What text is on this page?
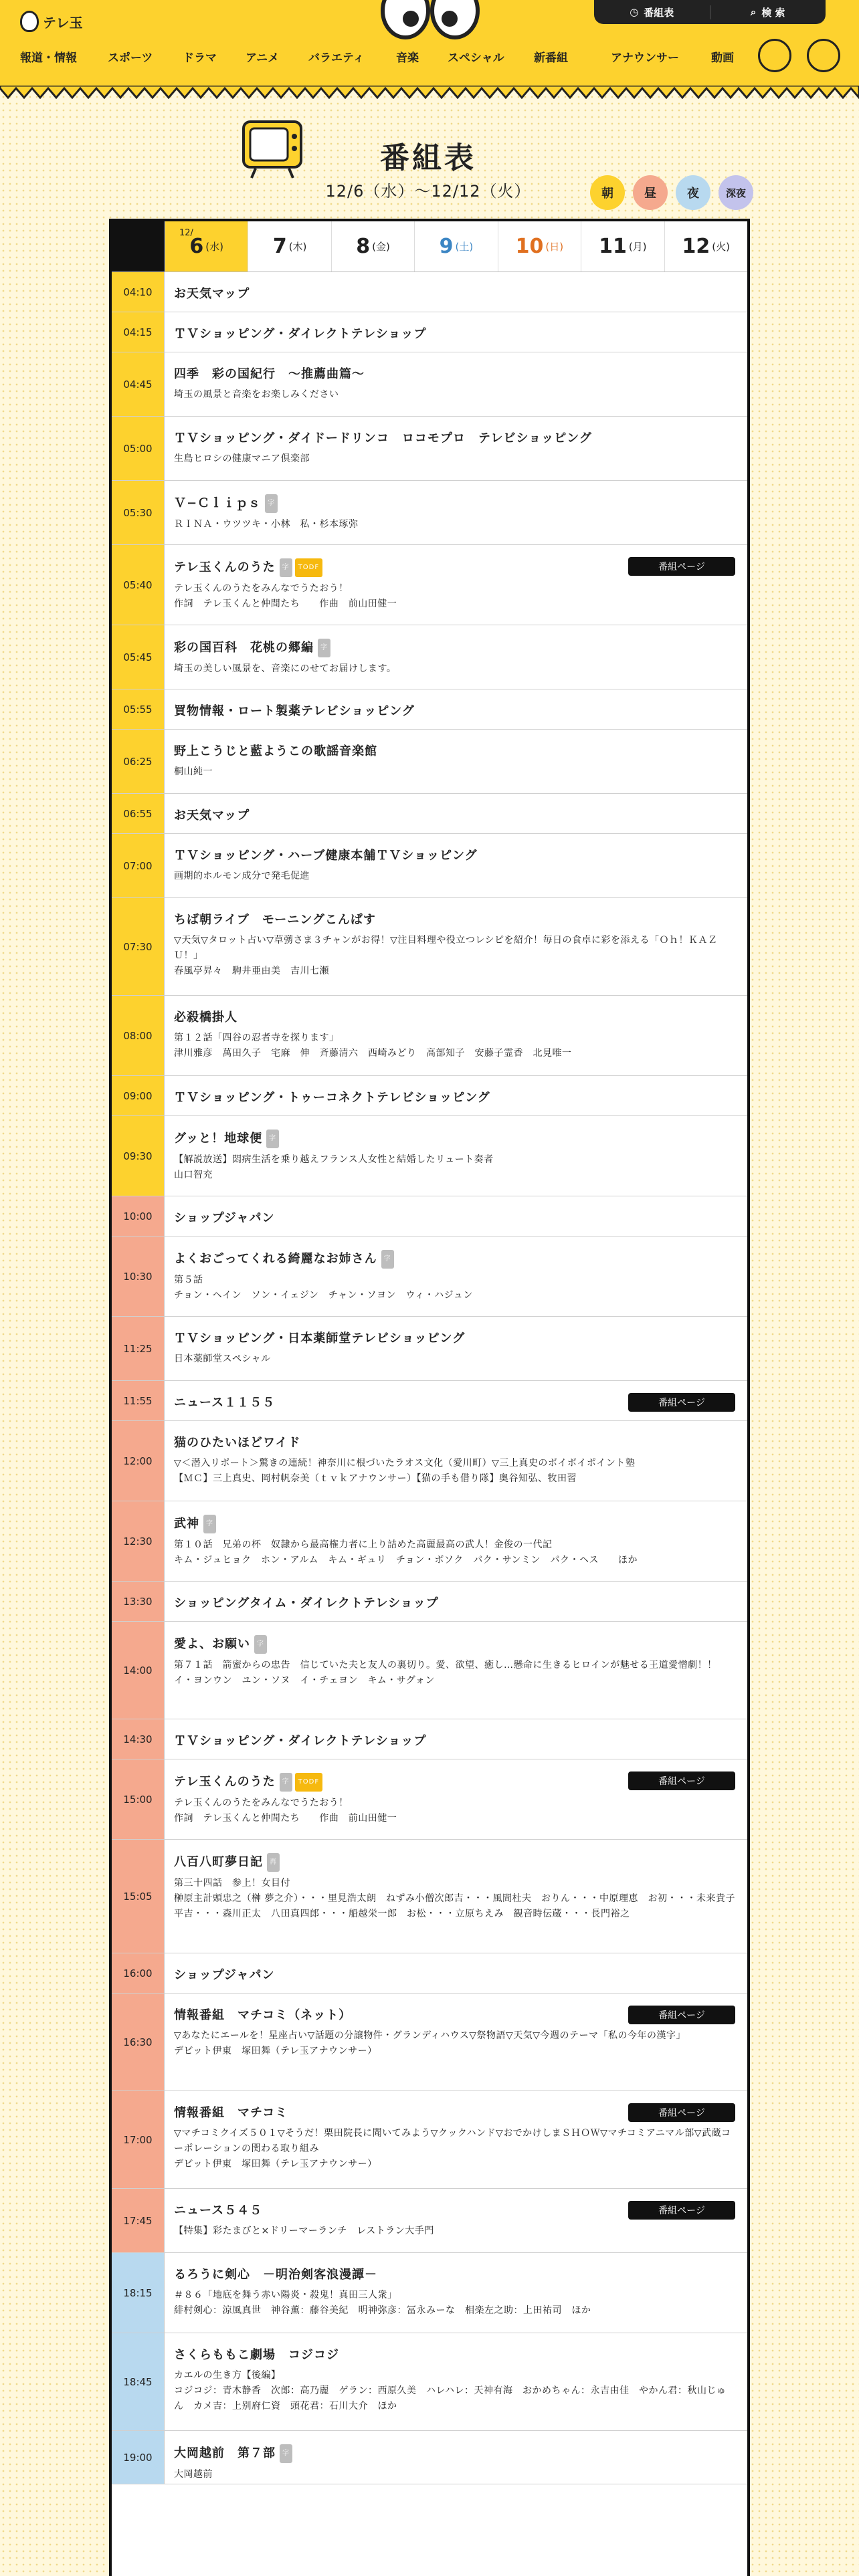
テレ玉
◷ 番組表	⌕ 検 索
報道・情報	スポーツ	ドラマ	アニメ	バラエティ	音楽	スペシャル	新番組	アナウンサー	動画
番組表
12/6（水）〜12/12（火）	朝	昼	夜	深夜
12/
6 (水) 7 (木) 8 (金) 9 (土) 10 (日) 11 (月) 12 (火)
04:10	お天気マップ
04:15	ＴＶショッピング・ダイレクトテレショップ
04:45
四季　彩の国紀行　〜推薦曲篇〜
埼玉の風景と音楽をお楽しみください
05:00
ＴＶショッピング・ダイドードリンコ　ロコモプロ　テレビショッピング
生島ヒロシの健康マニア倶楽部
05:30
Ｖ−Ｃｌｉｐｓ 字
ＲＩＮＡ・ウツツキ・小林　私・杉本琢弥
05:40
テレ玉くんのうた 字 TODF
テレ玉くんのうたをみんなでうたおう！
作詞　テレ玉くんと仲間たち　　作曲　前山田健一
番組ページ
05:45
彩の国百科　花桃の郷編 字
埼玉の美しい風景を、音楽にのせてお届けします。
05:55	買物情報・ロート製薬テレビショッピング
06:25
野上こうじと藍ようこの歌謡音楽館
桐山純一
06:55	お天気マップ
07:00
ＴＶショッピング・ハーブ健康本舗ＴＶショッピング
画期的ホルモン成分で発毛促進
07:30
ちば朝ライブ　モーニングこんぱす
▽天気▽タロット占い▽草彅さま３チャンがお得！▽注目料理や役立つレシピを紹介！毎日の食卓に彩を添える「Ｏｈ！ＫＡＺＵ！」
春風亭昇々　駒井亜由美　吉川七瀬
08:00
必殺橋掛人
第１２話「四谷の忍者寺を探ります」
津川雅彦　萬田久子　宅麻　伸　斉藤清六　西崎みどり　高部知子　安藤子霊香　北見唯一
09:00	ＴＶショッピング・トゥーコネクトテレビショッピング
09:30
グッと！地球便 字
【解説放送】悶病生活を乗り越えフランス人女性と結婚したリュート奏者
山口智充
10:00	ショップジャパン
10:30
よくおごってくれる綺麗なお姉さん 字
第５話
チョン・ヘイン　ソン・イェジン　チャン・ソヨン　ウィ・ハジュン
11:25
ＴＶショッピング・日本薬師堂テレビショッピング
日本薬師堂スペシャル
11:55	ニュース１１５５	番組ページ
12:00
猫のひたいほどワイド
▽＜潜入リポート＞驚きの連続！神奈川に根づいたラオス文化（愛川町）▽三上真史のボイボイポイント塾
【ＭＣ】三上真史、岡村帆奈美（ｔｖｋアナウンサー）【猫の手も借り隊】奥谷知弘、牧田習
12:30
武神 字
第１０話　兄弟の杯　奴隷から最高権力者に上り詰めた高麗最高の武人！金俊の一代記
キム・ジュヒョク　ホン・アルム　キム・ギュリ　チョン・ボソク　パク・サンミン　パク・ヘス　　ほか
13:30	ショッピングタイム・ダイレクトテレショップ
14:00
愛よ、お願い 字
第７１話　箭蜜からの忠告　信じていた夫と友人の裏切り。愛、欲望、癒し…懸命に生きるヒロインが魅せる王道愛憎劇！！
イ・ヨンウン　ユン・ソヌ　イ・チェヨン　キム・サグォン
14:30	ＴＶショッピング・ダイレクトテレショップ
15:00
テレ玉くんのうた 字 TODF
テレ玉くんのうたをみんなでうたおう！
作詞　テレ玉くんと仲間たち　　作曲　前山田健一
番組ページ
15:05
八百八町夢日記 再
第三十四話　参上！女目付
榊原主計頭忠之（榊 夢之介）・・・里見浩太朗　ねずみ小僧次郎吉・・・風間杜夫　おりん・・・中原理恵　お初・・・未来貴子　平吉・・・森川正太　八田真四郎・・・船越栄一郎　お松・・・立原ちえみ　観音時伝蔵・・・長門裕之
16:00	ショップジャパン
16:30
情報番組　マチコミ（ネット）
▽あなたにエールを！星座占い▽話題の分譲物件・グランディハウス▽祭物語▽天気▽今週のテーマ「私の今年の漢字」
デビット伊東　塚田舞（テレ玉アナウンサー）
番組ページ
17:00
情報番組　マチコミ
▽マチコミクイズ５０１▽そうだ！栗田院長に聞いてみよう▽クックハンド▽おでかけしまＳＨＯＷ▽マチコミアニマル部▽武蔵コーポレーションの関わる取り組み
デビット伊東　塚田舞（テレ玉アナウンサー）
番組ページ
17:45
ニュース５４５
【特集】彩たまびと×ドリーマーランチ　レストラン大手門
番組ページ
18:15
るろうに剣心　－明治剣客浪漫譚－
＃８６「地底を舞う赤い陽炎・殺鬼！真田三人衆」
緋村剣心：涼風真世　神谷薫：藤谷美紀　明神弥彦：冨永みーな　相楽左之助：上田祐司　ほか
18:45
さくらももこ劇場　コジコジ
カエルの生き方【後編】
コジコジ：青木静香　次郎：高乃麗　ゲラン：西原久美　ハレハレ：天神有海　おかめちゃん：永吉由佳　やかん君：秋山じゅん　カメ吉：上别府仁資　頭花君：石川大介　ほか
19:00	大岡越前　第７部 字
大岡越前
